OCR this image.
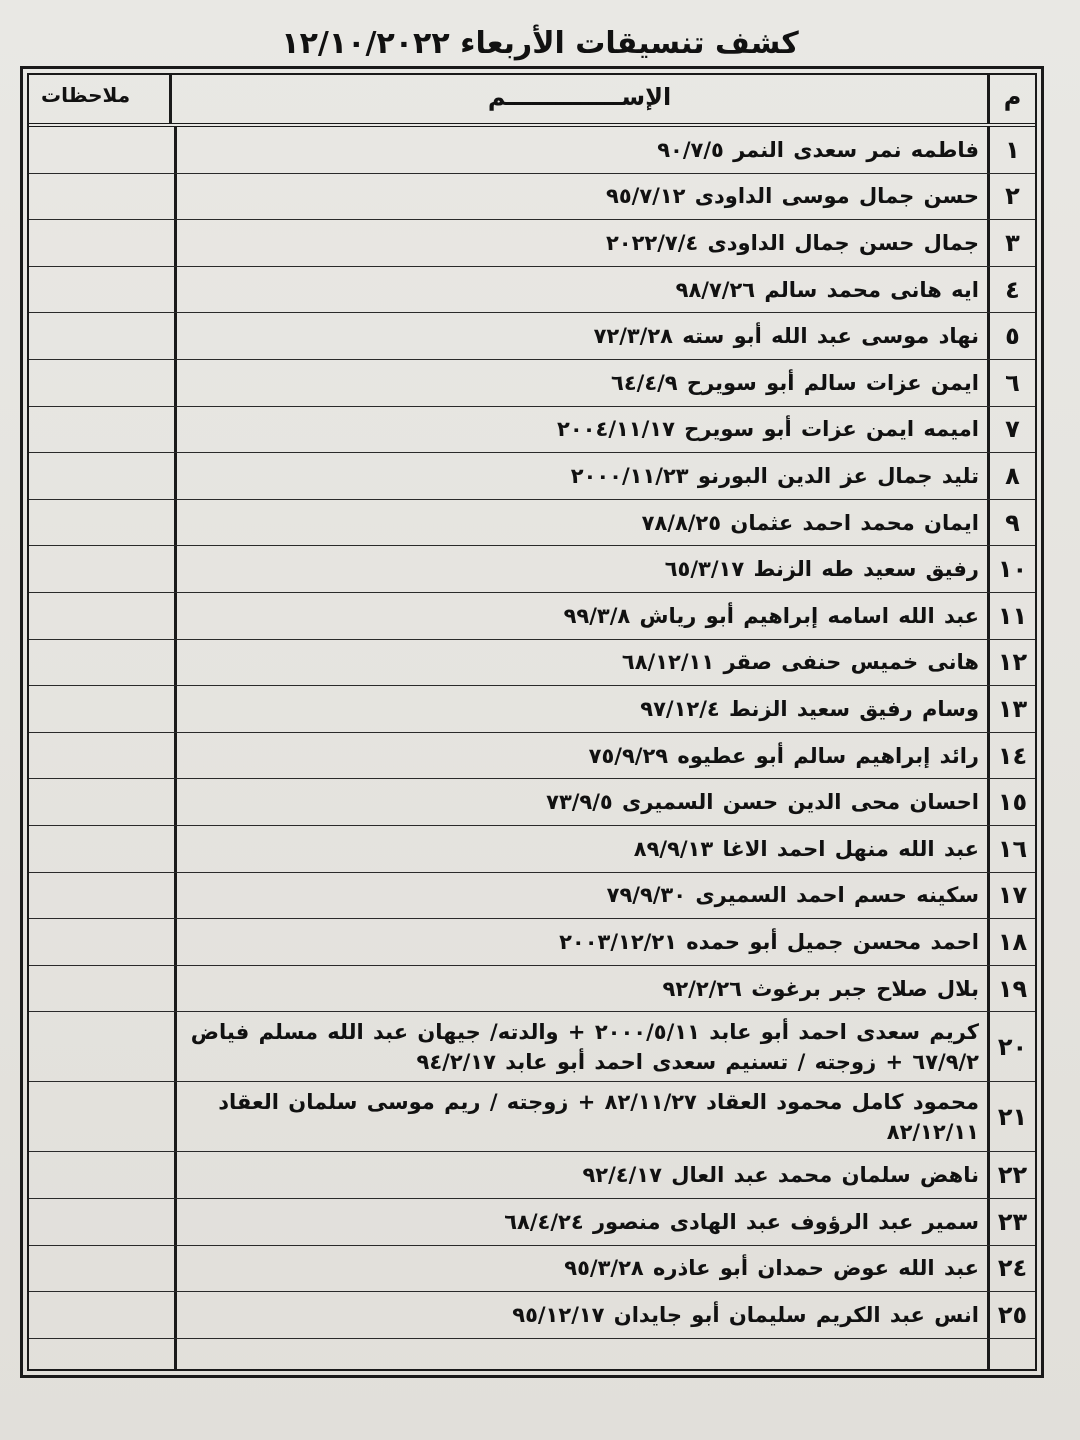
كشف تنسيقات الأربعاء ١٢/١٠/٢٠٢٢
م
الإســــــــــــــم
ملاحظات
١
فاطمه نمر سعدى النمر ٩٠/٧/٥
٢
حسن جمال موسى الداودى ٩٥/٧/١٢
٣
جمال حسن جمال الداودى ٢٠٢٢/٧/٤
٤
ايه هانى محمد سالم ٩٨/٧/٢٦
٥
نهاد موسى عبد الله أبو سته ٧٢/٣/٢٨
٦
ايمن عزات سالم أبو سويرح ٦٤/٤/٩
٧
اميمه ايمن عزات أبو سويرح ٢٠٠٤/١١/١٧
٨
تليد جمال عز الدين البورنو ٢٠٠٠/١١/٢٣
٩
ايمان محمد احمد عثمان ٧٨/٨/٢٥
١٠
رفيق سعيد طه الزنط ٦٥/٣/١٧
١١
عبد الله اسامه إبراهيم أبو رياش ٩٩/٣/٨
١٢
هانى خميس حنفى صقر ٦٨/١٢/١١
١٣
وسام رفيق سعيد الزنط ٩٧/١٢/٤
١٤
رائد إبراهيم سالم أبو عطيوه ٧٥/٩/٢٩
١٥
احسان محى الدين حسن السميرى ٧٣/٩/٥
١٦
عبد الله منهل احمد الاغا ٨٩/٩/١٣
١٧
سكينه حسم احمد السميرى ٧٩/٩/٣٠
١٨
احمد محسن جميل أبو حمده ٢٠٠٣/١٢/٢١
١٩
بلال صلاح جبر برغوث ٩٢/٢/٢٦
٢٠
كريم سعدى احمد أبو عابد ٢٠٠٠/٥/١١ + والدته/ جيهان عبد الله مسلم فياض ٦٧/٩/٢ + زوجته / تسنيم سعدى احمد أبو عابد ٩٤/٢/١٧
٢١
محمود كامل محمود العقاد ٨٢/١١/٢٧ + زوجته / ريم موسى سلمان العقاد ٨٢/١٢/١١
٢٢
ناهض سلمان محمد عبد العال ٩٢/٤/١٧
٢٣
سمير عبد الرؤوف عبد الهادى منصور ٦٨/٤/٢٤
٢٤
عبد الله عوض حمدان أبو عاذره ٩٥/٣/٢٨
٢٥
انس عبد الكريم سليمان أبو جايدان ٩٥/١٢/١٧
